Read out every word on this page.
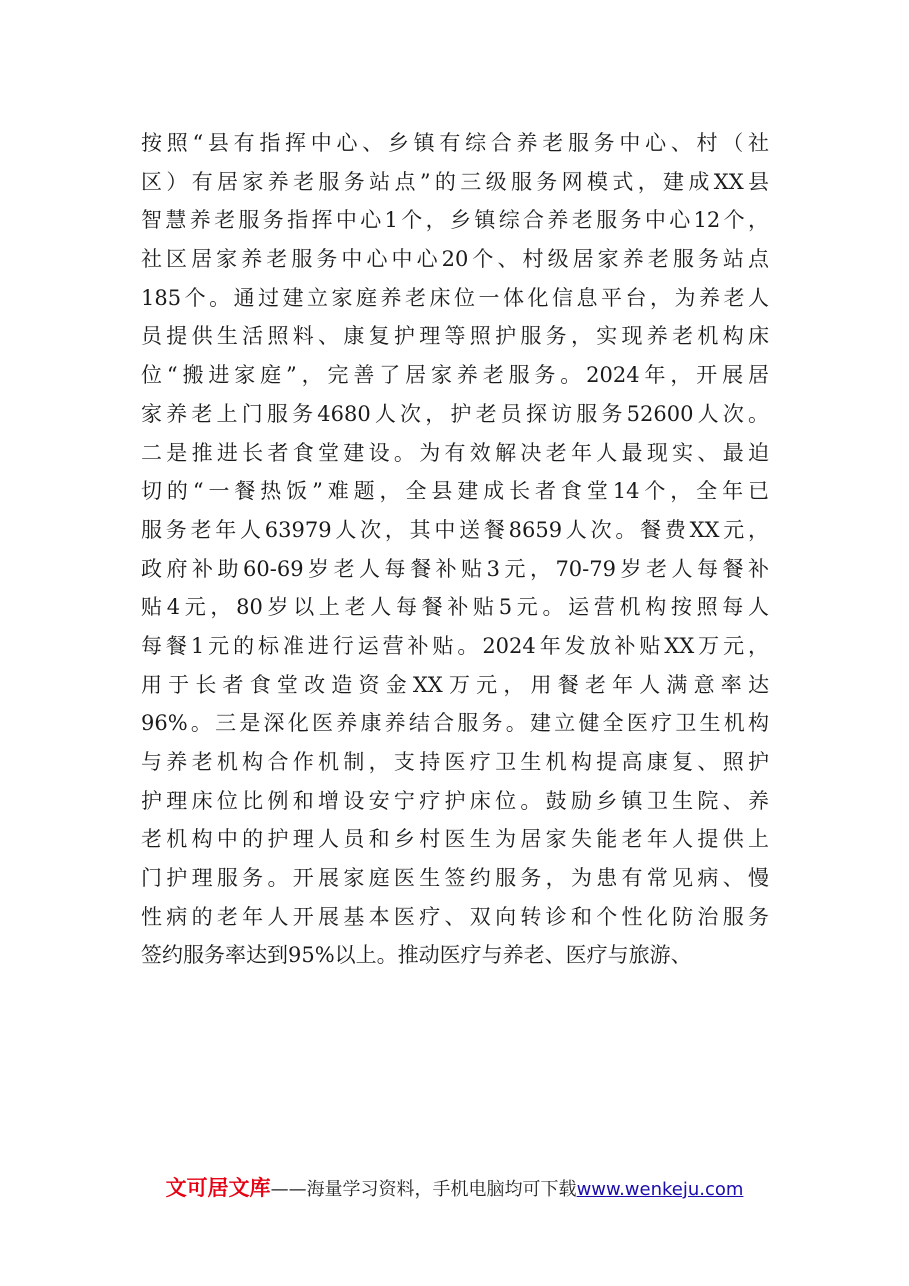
按照“县有指挥中心、乡镇有综合养老服务中心、村（社
区）有居家养老服务站点”的三级服务网模式，建成XX县
智慧养老服务指挥中心1个，乡镇综合养老服务中心12个，
社区居家养老服务中心中心20个、村级居家养老服务站点
185个。通过建立家庭养老床位一体化信息平台，为养老人
员提供生活照料、康复护理等照护服务，实现养老机构床
位“搬进家庭”，完善了居家养老服务。2024年，开展居
家养老上门服务4680人次，护老员探访服务52600人次。
二是推进长者食堂建设。为有效解决老年人最现实、最迫
切的“一餐热饭”难题，全县建成长者食堂14个，全年已
服务老年人63979人次，其中送餐8659人次。餐费XX元，
政府补助60-69岁老人每餐补贴3元，70-79岁老人每餐补
贴4元，80岁以上老人每餐补贴5元。运营机构按照每人
每餐1元的标准进行运营补贴。2024年发放补贴XX万元，
用于长者食堂改造资金XX万元，用餐老年人满意率达
96%。三是深化医养康养结合服务。建立健全医疗卫生机构
与养老机构合作机制，支持医疗卫生机构提高康复、照护
护理床位比例和增设安宁疗护床位。鼓励乡镇卫生院、养
老机构中的护理人员和乡村医生为居家失能老年人提供上
门护理服务。开展家庭医生签约服务，为患有常见病、慢
性病的老年人开展基本医疗、双向转诊和个性化防治服务
签约服务率达到95%以上。推动医疗与养老、医疗与旅游、
文可居文库——海量学习资料，手机电脑均可下载www.wenkeju.com
